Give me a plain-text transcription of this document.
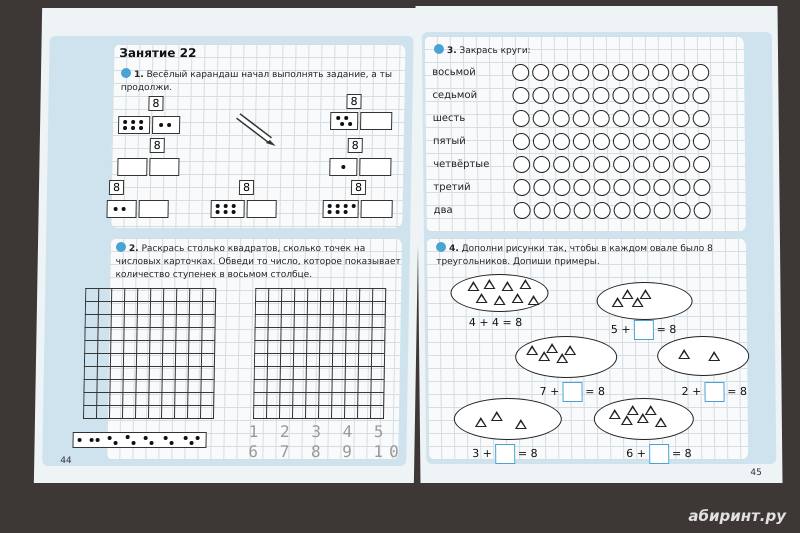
Занятие 22
1. Весёлый карандаш начал выполнять задание, а ты продолжи.
8
8
8	8
8
8
8
2. Раскрась столько квадратов, сколько точек на числовых карточках. Обведи то число, которое показывает количество ступенек в восьмом столбце.
1 2 3 4 5
6 7 8 9 10
44
3. Закрась круги:
восьмой
седьмой
шесть
пятый
четвёртые
третий
два
4. Дополни рисунки так, чтобы в каждом овале было 8 треугольников. Допиши примеры.
4 + 4 = 8
5 + = 8
7 + = 8	2 + = 8
3 + = 8	6 + = 8
45
абиринт.ру
